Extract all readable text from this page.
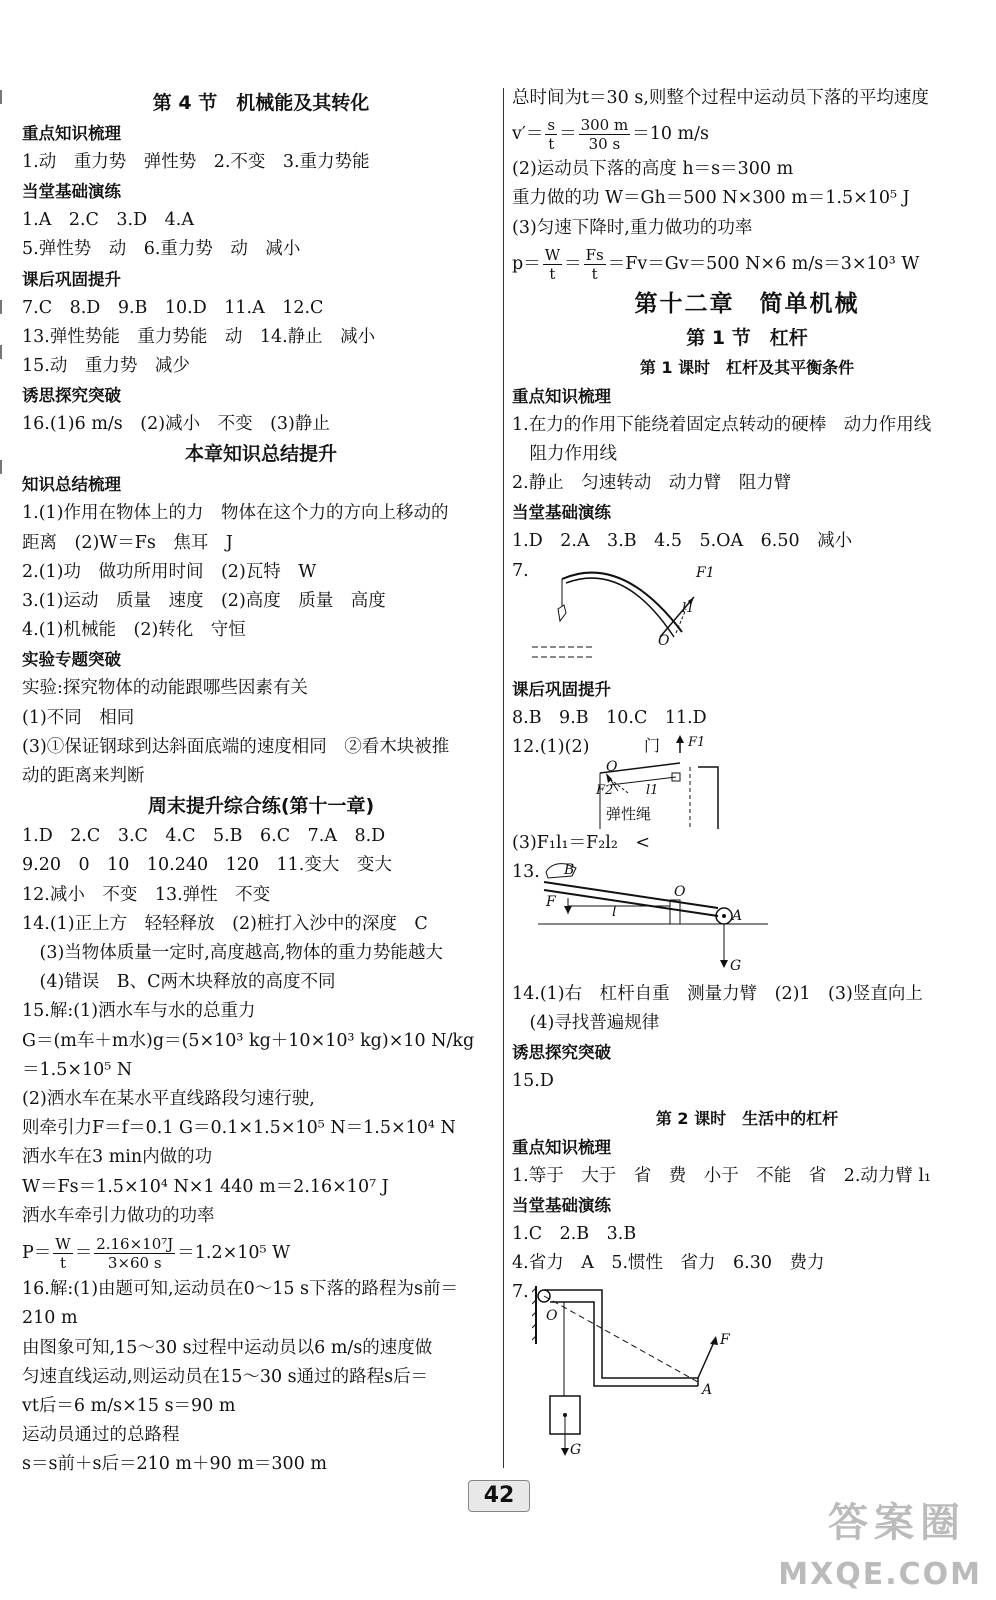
第 4 节　机械能及其转化
重点知识梳理
1.动　重力势　弹性势　2.不变　3.重力势能
当堂基础演练
1.A　2.C　3.D　4.A
5.弹性势　动　6.重力势　动　减小
课后巩固提升
7.C　8.D　9.B　10.D　11.A　12.C
13.弹性势能　重力势能　动　14.静止　减小
15.动　重力势　减少
诱思探究突破
16.(1)6 m/s　(2)减小　不变　(3)静止
本章知识总结提升
知识总结梳理
1.(1)作用在物体上的力　物体在这个力的方向上移动的
距离　(2)W＝Fs　焦耳　J
2.(1)功　做功所用时间　(2)瓦特　W
3.(1)运动　质量　速度　(2)高度　质量　高度
4.(1)机械能　(2)转化　守恒
实验专题突破
实验:探究物体的动能跟哪些因素有关
(1)不同　相同
(3)①保证钢球到达斜面底端的速度相同　②看木块被推
动的距离来判断
周末提升综合练(第十一章)
1.D　2.C　3.C　4.C　5.B　6.C　7.A　8.D
9.20　0　10　10.240　120　11.变大　变大
12.减小　不变　13.弹性　不变
14.(1)正上方　轻轻释放　(2)桩打入沙中的深度　C
　(3)当物体质量一定时,高度越高,物体的重力势能越大
　(4)错误　B、C两木块释放的高度不同
15.解:(1)洒水车与水的总重力
G＝(m车＋m水)g＝(5×10³ kg＋10×10³ kg)×10 N/kg
＝1.5×10⁵ N
(2)洒水车在某水平直线路段匀速行驶,
则牵引力F＝f＝0.1 G＝0.1×1.5×10⁵ N＝1.5×10⁴ N
洒水车在3 min内做的功
W＝Fs＝1.5×10⁴ N×1 440 m＝2.16×10⁷ J
洒水车牵引力做功的功率
$P= \frac{W}{t} = \frac{\text{2.16×10⁷J}}{3\times 60 s} =1.2\times 10^5$ W
16.解:(1)由题可知,运动员在0～15 s下落的路程为s前＝
210 m
由图象可知,15～30 s过程中运动员以6 m/s的速度做
匀速直线运动,则运动员在15～30 s通过的路程s后＝
vt后＝6 m/s×15 s＝90 m
运动员通过的总路程
s＝s前＋s后＝210 m＋90 m＝300 m
总时间为t＝30 s,则整个过程中运动员下落的平均速度
$v'= \frac{s}{t} = \frac{300 m}{30 s} =10$ m/s
(2)运动员下落的高度 h＝s＝300 m
重力做的功 W＝Gh＝500 N×300 m＝1.5×10⁵ J
(3)匀速下降时,重力做功的功率
$p= \frac{W}{t} = \frac{Fs}{t} =Fv=Gv=500$ N×6 m/s＝3×10³ W
第十二章　简单机械
第 1 节　杠杆
第 1 课时　杠杆及其平衡条件
重点知识梳理
1.在力的作用下能绕着固定点转动的硬棒　动力作用线
　阻力作用线
2.静止　匀速转动　动力臂　阻力臂
当堂基础演练
1.D　2.A　3.B　4.5　5.OA　6.50　减小
7.	F1
l1
O
课后巩固提升
8.B　9.B　10.C　11.D
12.(1)(2)	门 F1
O
F2	l1
弹性绳
(3)F₁l₁＝F₂l₂　<
13. B
O
F
l	A
G
14.(1)右　杠杆自重　测量力臂　(2)1　(3)竖直向上
　(4)寻找普遍规律
诱思探究突破
15.D
第 2 课时　生活中的杠杆
重点知识梳理
1.等于　大于　省　费　小于　不能　省　2.动力臂 l₁
当堂基础演练
1.C　2.B　3.B
4.省力　A　5.惯性　省力　6.30　费力
7.
O
F
A
G
42
答案圈
MXQE.COM
